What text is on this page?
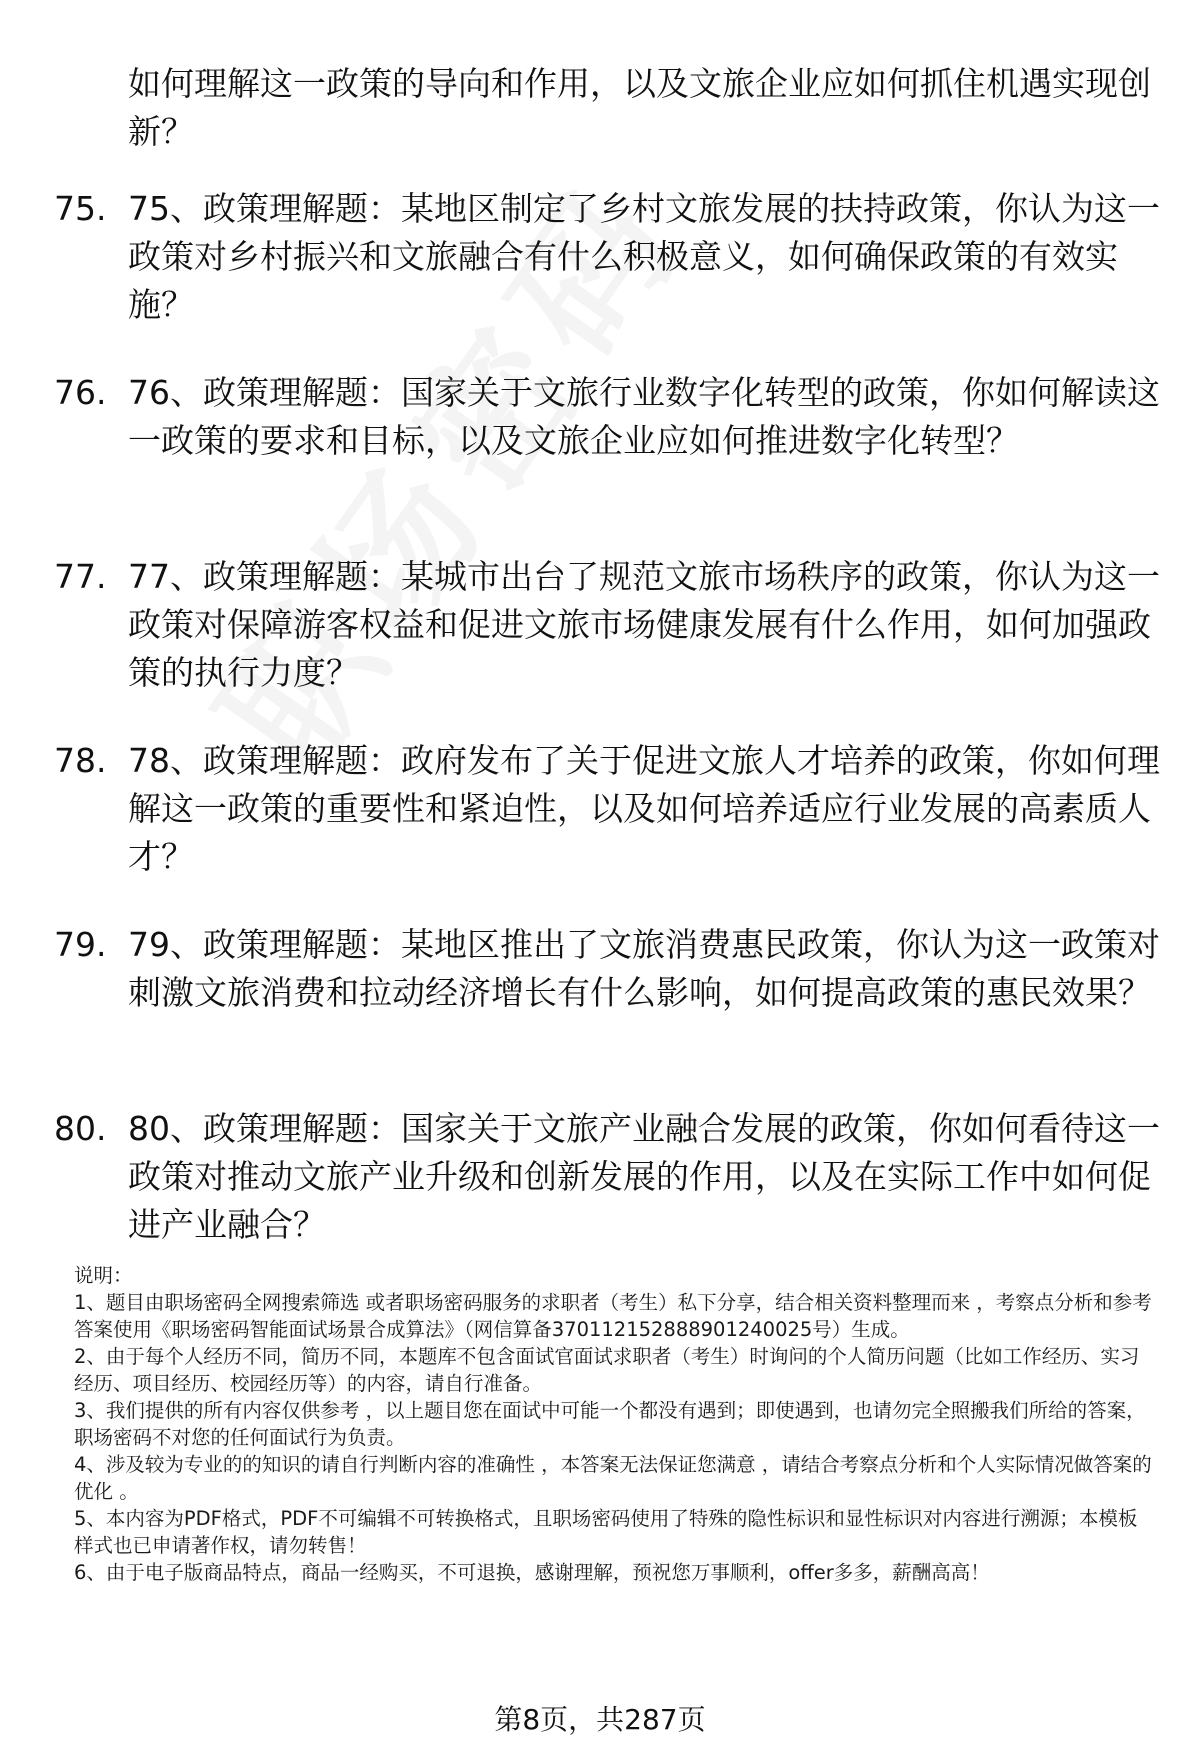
如何理解这一政策的导向和作用，以及文旅企业应如何抓住机遇实现创新？
75. 75、政策理解题：某地区制定了乡村文旅发展的扶持政策，你认为这一政策对乡村振兴和文旅融合有什么积极意义，如何确保政策的有效实施？
76. 76、政策理解题：国家关于文旅行业数字化转型的政策，你如何解读这一政策的要求和目标，以及文旅企业应如何推进数字化转型？
77. 77、政策理解题：某城市出台了规范文旅市场秩序的政策，你认为这一政策对保障游客权益和促进文旅市场健康发展有什么作用，如何加强政策的执行力度？
78. 78、政策理解题：政府发布了关于促进文旅人才培养的政策，你如何理解这一政策的重要性和紧迫性，以及如何培养适应行业发展的高素质人才？
79. 79、政策理解题：某地区推出了文旅消费惠民政策，你认为这一政策对刺激文旅消费和拉动经济增长有什么影响，如何提高政策的惠民效果？
80. 80、政策理解题：国家关于文旅产业融合发展的政策，你如何看待这一政策对推动文旅产业升级和创新发展的作用，以及在实际工作中如何促进产业融合？

说明：

1、题目由职场密码全网搜索筛选 或者职场密码服务的求职者（考生）私下分享，结合相关资料整理而来 ，考察点分析和参考答案使用《职场密码智能面试场景合成算法》（网信算备370112152888901240025号）生成。

2、由于每个人经历不同，简历不同，本题库不包含面试官面试求职者（考生）时询问的个人简历问题（比如工作经历、实习经历、项目经历、校园经历等）的内容，请自行准备。

3、我们提供的所有内容仅供参考 ，以上题目您在面试中可能一个都没有遇到；即使遇到，也请勿完全照搬我们所给的答案，职场密码不对您的任何面试行为负责。

4、涉及较为专业的的知识的请自行判断内容的准确性 ，本答案无法保证您满意 ，请结合考察点分析和个人实际情况做答案的优化 。

5、本内容为PDF格式，PDF不可编辑不可转换格式，且职场密码使用了特殊的隐性标识和显性标识对内容进行溯源；本模板样式也已申请著作权，请勿转售！

6、由于电子版商品特点，商品一经购买，不可退换，感谢理解，预祝您万事顺利，offer多多，薪酬高高！

第8页，共287页
